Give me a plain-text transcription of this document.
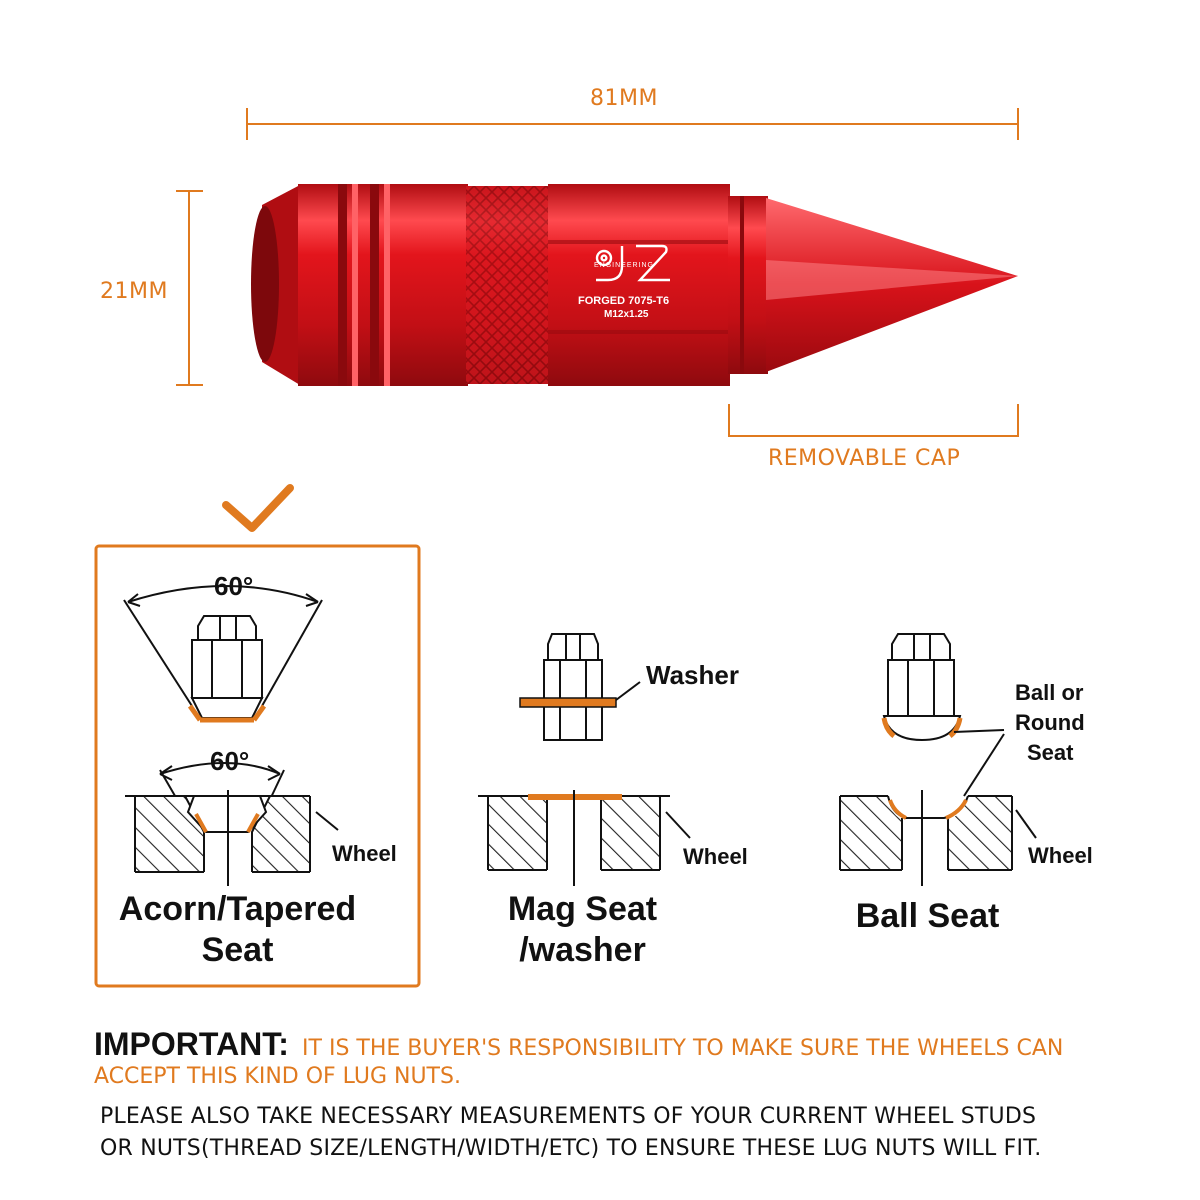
81MM
21MM
REMOVABLE CAP
ENGINEERING
FORGED 7075-T6
M12x1.25
60°
60°
Wheel
Acorn/Tapered
Seat
Washer
Wheel
Mag Seat
/washer
Ball or
Round
Seat
Wheel
Ball Seat
IMPORTANT: IT IS THE BUYER'S RESPONSIBILITY TO MAKE SURE THE WHEELS CAN
ACCEPT THIS KIND OF LUG NUTS.
PLEASE ALSO TAKE NECESSARY MEASUREMENTS OF YOUR CURRENT WHEEL STUDS
OR NUTS(THREAD SIZE/LENGTH/WIDTH/ETC) TO ENSURE THESE LUG NUTS WILL FIT.
